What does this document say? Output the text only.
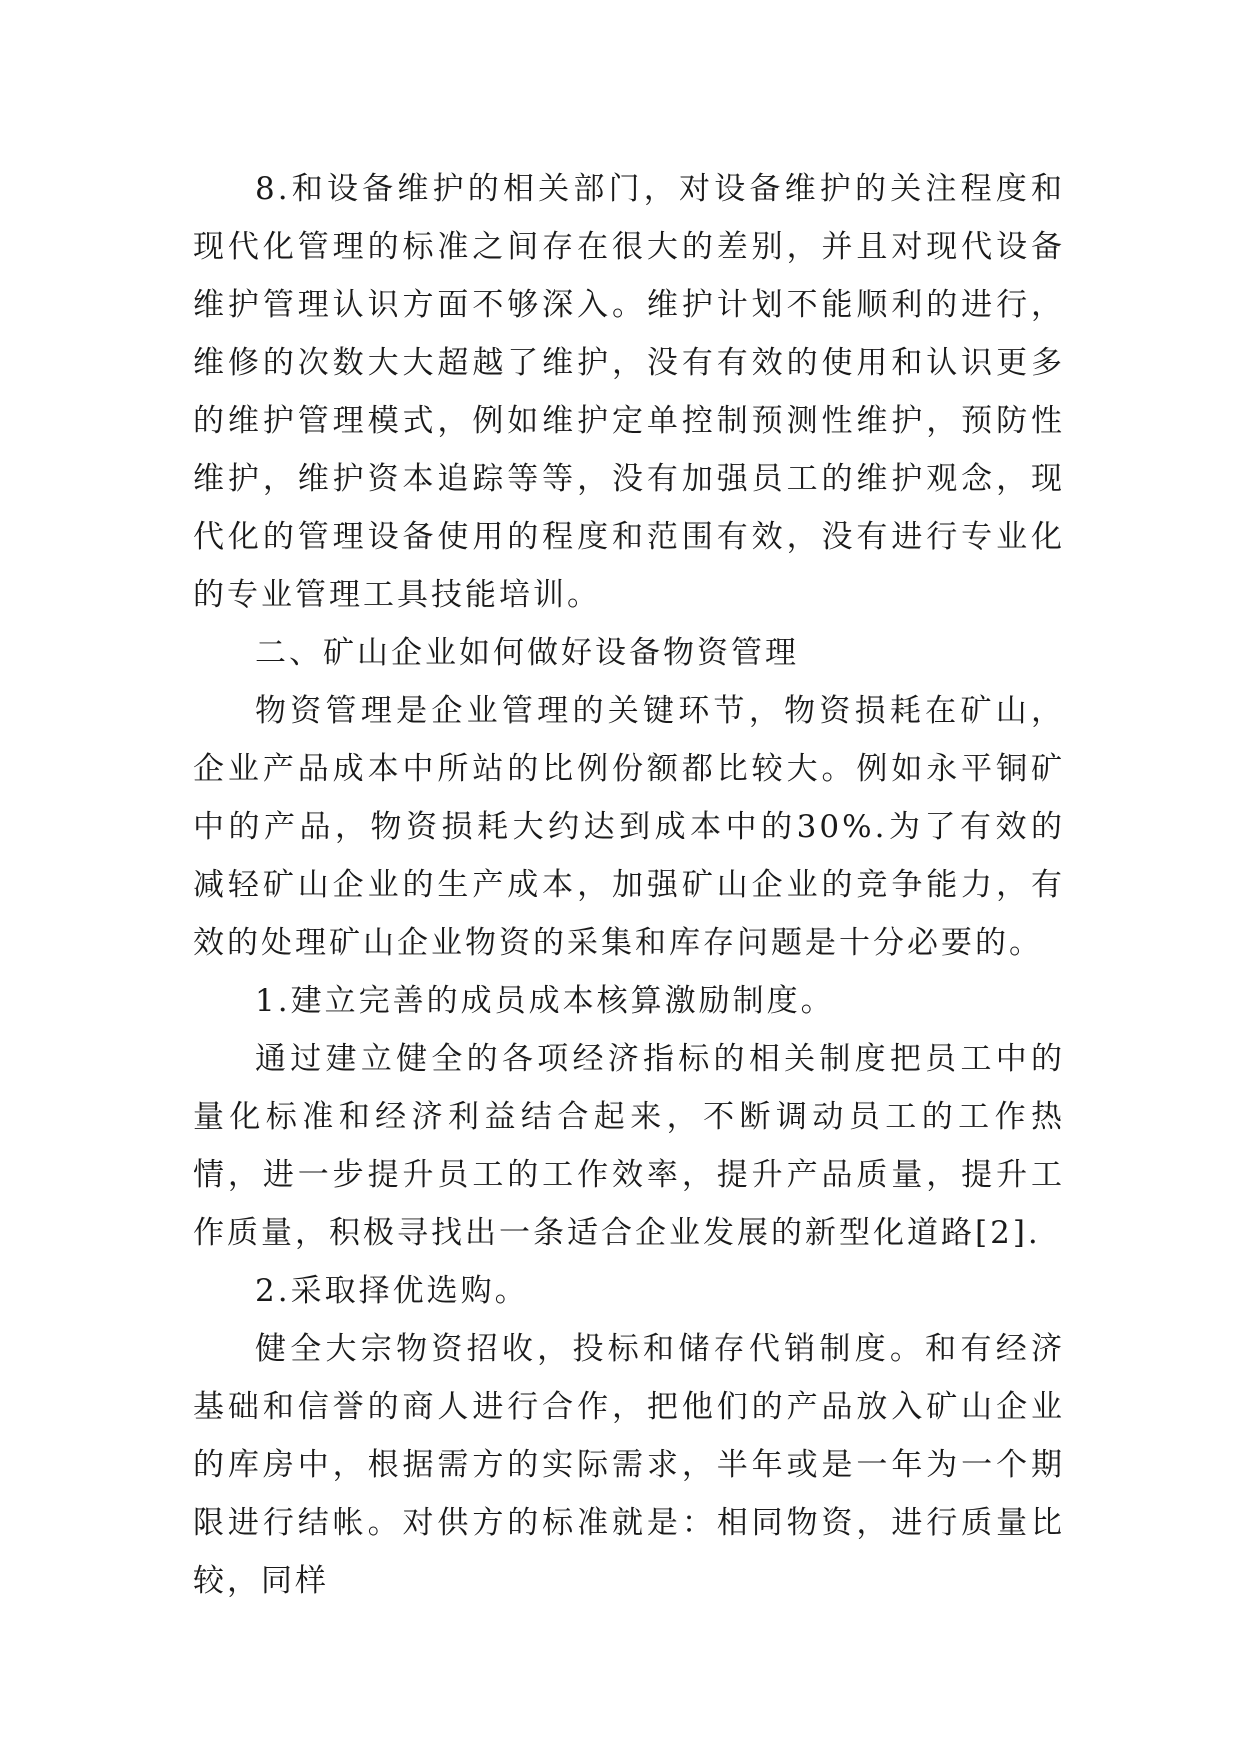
8.和设备维护的相关部门，对设备维护的关注程度和现代化管理的标准之间存在很大的差别，并且对现代设备维护管理认识方面不够深入。维护计划不能顺利的进行，维修的次数大大超越了维护，没有有效的使用和认识更多的维护管理模式，例如维护定单控制预测性维护，预防性维护，维护资本追踪等等，没有加强员工的维护观念，现代化的管理设备使用的程度和范围有效，没有进行专业化的专业管理工具技能培训。

二、矿山企业如何做好设备物资管理

物资管理是企业管理的关键环节，物资损耗在矿山，企业产品成本中所站的比例份额都比较大。例如永平铜矿中的产品，物资损耗大约达到成本中的30%.为了有效的减轻矿山企业的生产成本，加强矿山企业的竞争能力，有效的处理矿山企业物资的采集和库存问题是十分必要的。

1.建立完善的成员成本核算激励制度。

通过建立健全的各项经济指标的相关制度把员工中的量化标准和经济利益结合起来，不断调动员工的工作热情，进一步提升员工的工作效率，提升产品质量，提升工作质量，积极寻找出一条适合企业发展的新型化道路[2].

2.采取择优选购。

健全大宗物资招收，投标和储存代销制度。和有经济基础和信誉的商人进行合作，把他们的产品放入矿山企业的库房中，根据需方的实际需求，半年或是一年为一个期限进行结帐。对供方的标准就是：相同物资，进行质量比较，同样
